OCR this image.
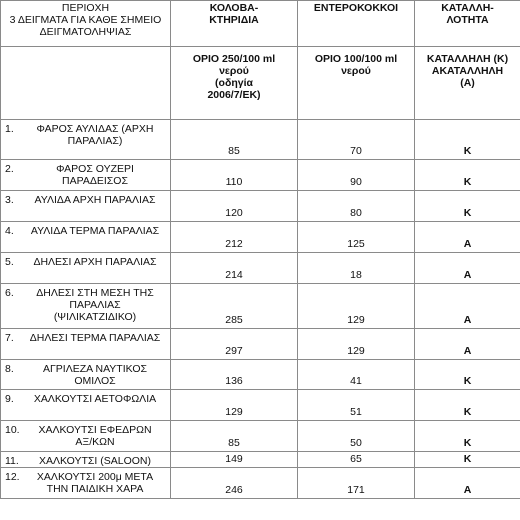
ΠΕΡΙΟΧΗ
3 ΔΕΙΓΜΑΤΑ ΓΙΑ ΚΑΘΕ ΣΗΜΕΙΟ
ΔΕΙΓΜΑΤΟΛΗΨΙΑΣ	ΚΟΛΟΒΑ-
ΚΤΗΡΙΔΙΑ	ΕΝΤΕΡΟΚΟΚΚΟΙ	ΚΑΤΑΛΛΗ-
ΛΟΤΗΤΑ
	ΟΡΙΟ 250/100 ml
νερού
(οδηγία
2006/7/ΕΚ)	ΟΡΙΟ 100/100 ml
νερού	ΚΑΤΑΛΛΗΛΗ (Κ)
ΑΚΑΤΑΛΛΗΛΗ
(Α)
1. ΦΑΡΟΣ ΑΥΛΙΔΑΣ (ΑΡΧΗ
ΠΑΡΑΛΙΑΣ)	85	70	Κ
2. ΦΑΡΟΣ ΟΥΖΕΡΙ
ΠΑΡΑΔΕΙΣΟΣ	110	90	Κ
3. ΑΥΛΙΔΑ ΑΡΧΗ ΠΑΡΑΛΙΑΣ	120	80	Κ
4. ΑΥΛΙΔΑ ΤΕΡΜΑ ΠΑΡΑΛΙΑΣ	212	125	Α
5. ΔΗΛΕΣΙ ΑΡΧΗ ΠΑΡΑΛΙΑΣ	214	18	Α
6. ΔΗΛΕΣΙ ΣΤΗ ΜΕΣΗ ΤΗΣ
ΠΑΡΑΛΙΑΣ
(ΨΙΛΙΚΑΤΖΙΔΙΚΟ)	285	129	Α
7. ΔΗΛΕΣΙ ΤΕΡΜΑ ΠΑΡΑΛΙΑΣ	297	129	Α
8. ΑΓΡΙΛΕΖΑ ΝΑΥΤΙΚΟΣ
ΟΜΙΛΟΣ	136	41	Κ
9. ΧΑΛΚΟΥΤΣΙ ΑΕΤΟΦΩΛΙΑ	129	51	Κ
10. ΧΑΛΚΟΥΤΣΙ ΕΦΕΔΡΩΝ
ΑΞ/ΚΩΝ	85	50	Κ
11. ΧΑΛΚΟΥΤΣΙ (SALOON)	149	65	Κ
12. ΧΑΛΚΟΥΤΣΙ 200μ ΜΕΤΑ
ΤΗΝ ΠΑΙΔΙΚΗ ΧΑΡΑ	246	171	Α
